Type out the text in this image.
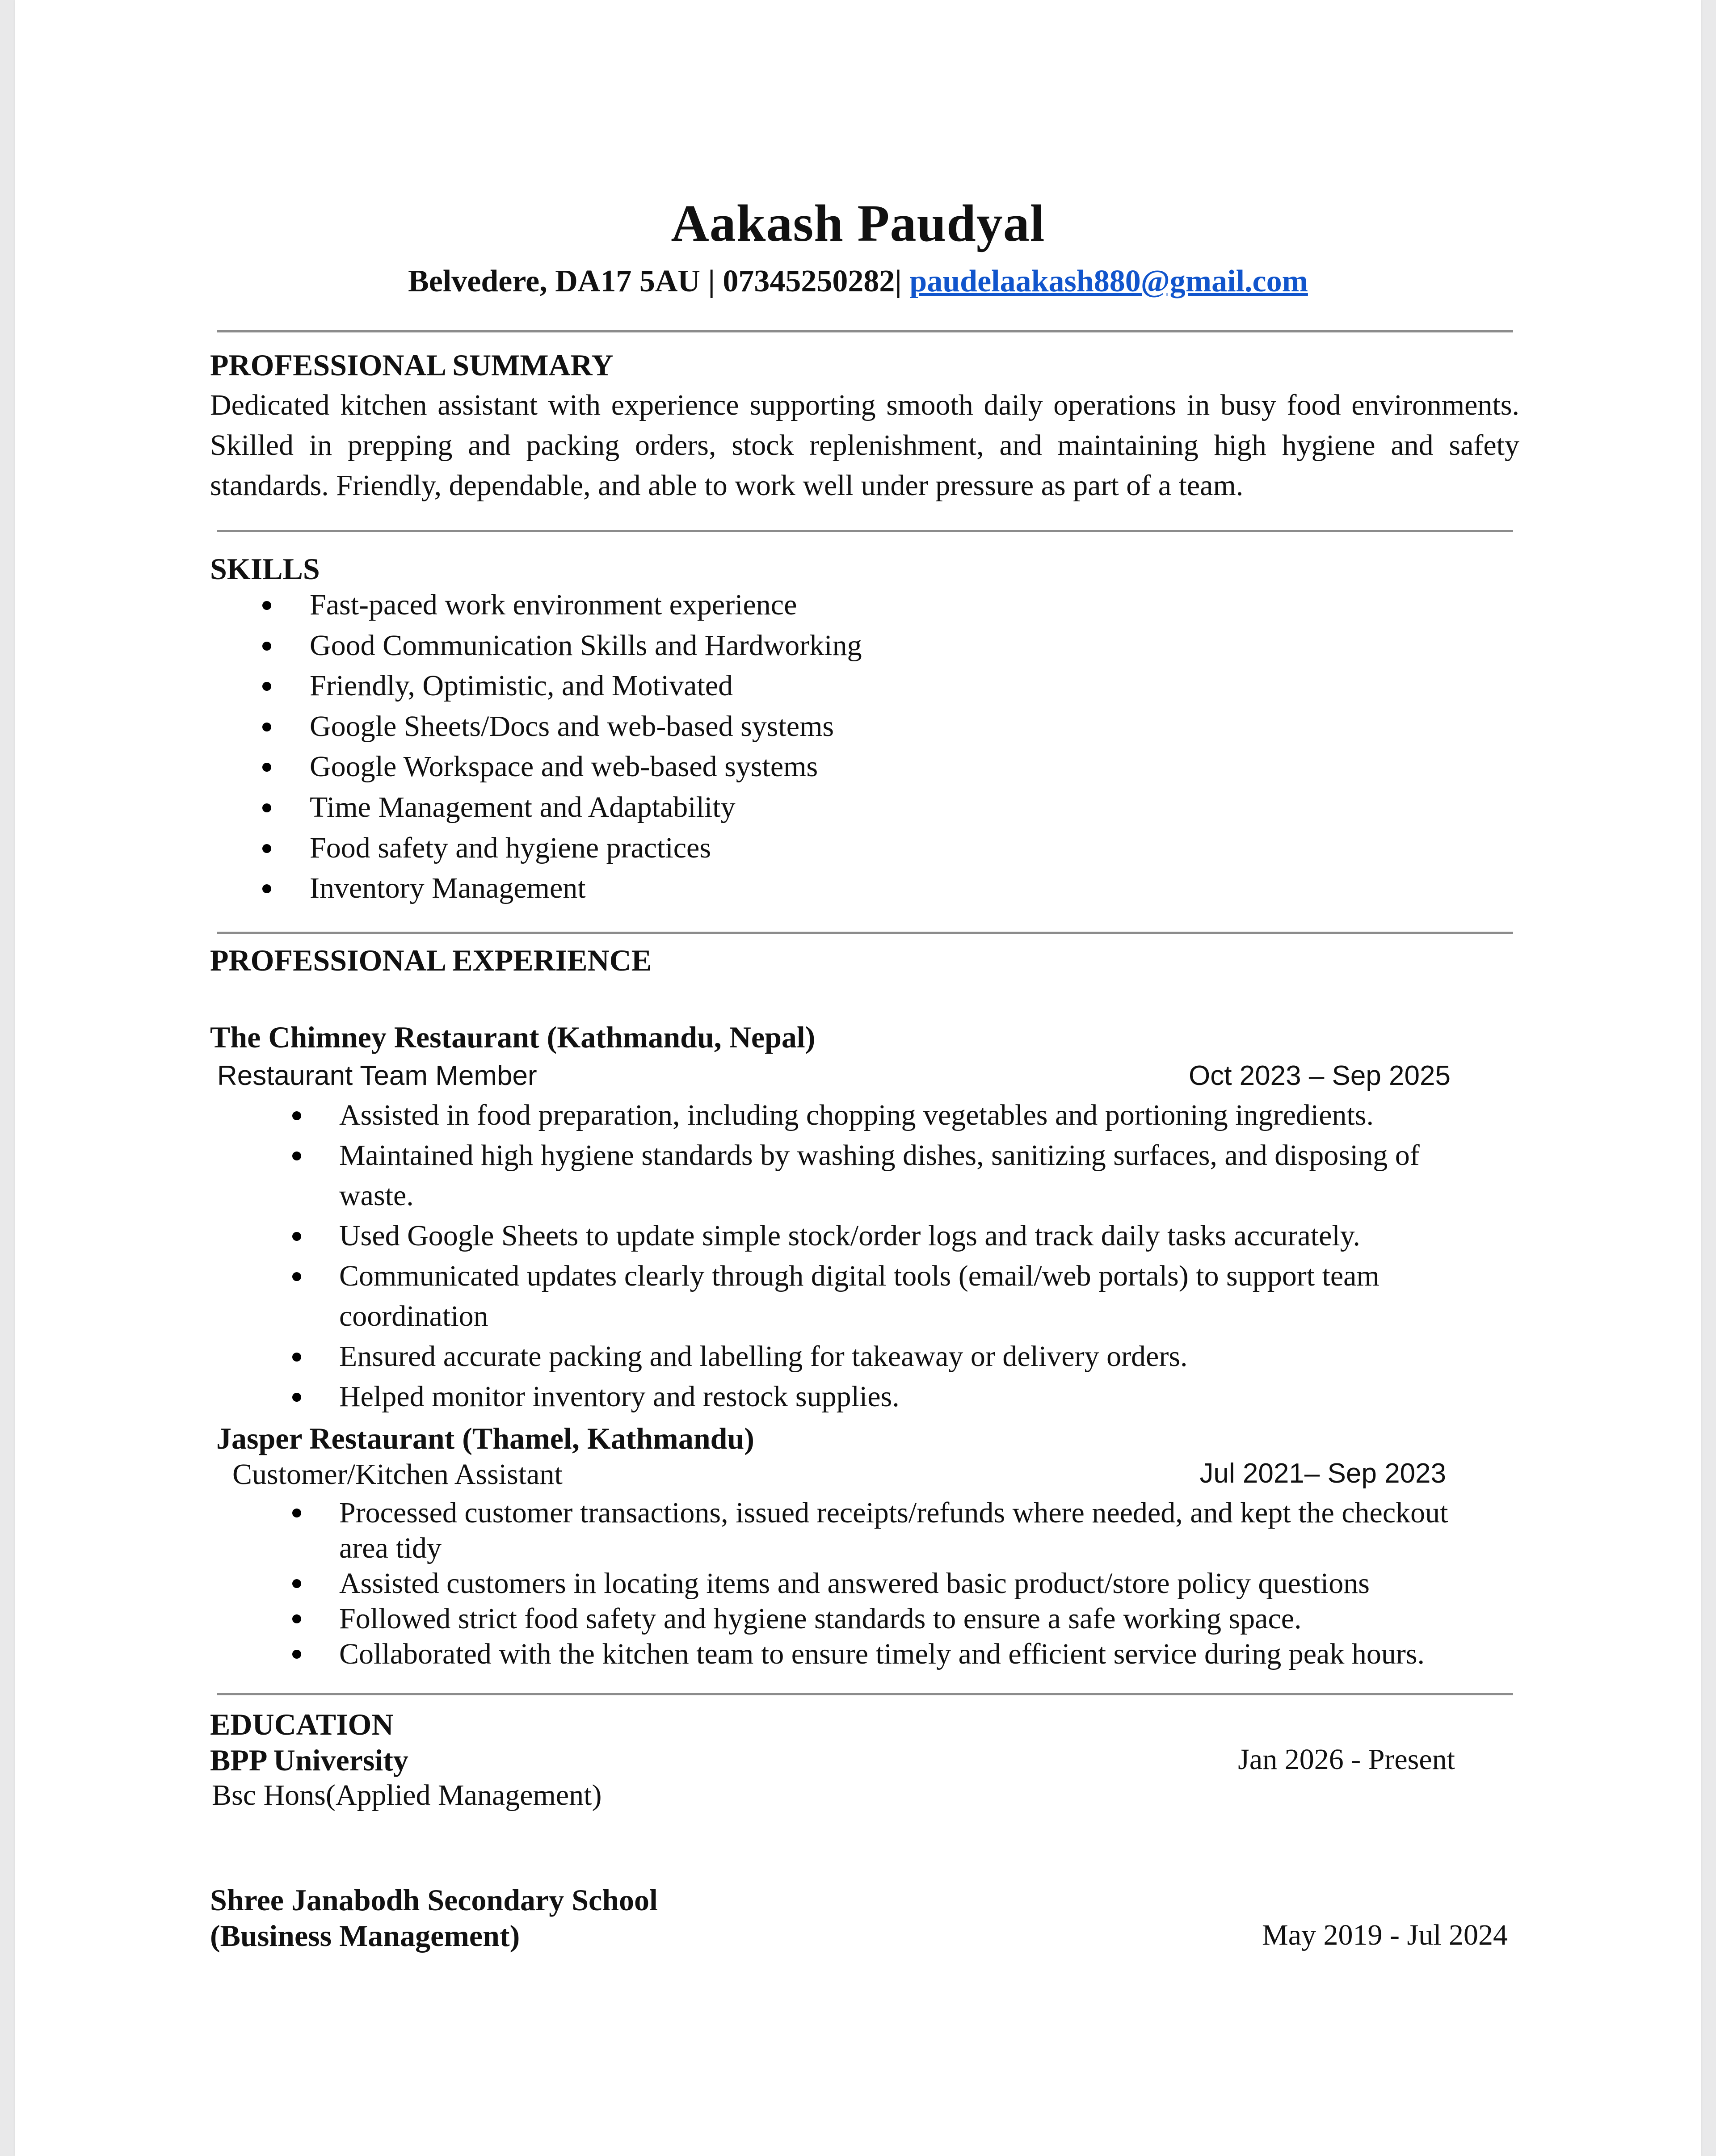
Aakash Paudyal
Belvedere, DA17 5AU | 07345250282| paudelaakash880@gmail.com
PROFESSIONAL SUMMARY
Dedicated kitchen assistant with experience supporting smooth daily operations in busy food environments. Skilled in prepping and packing orders, stock replenishment, and maintaining high hygiene and safety standards. Friendly, dependable, and able to work well under pressure as part of a team.
SKILLS
Fast-paced work environment experience
Good Communication Skills and Hardworking
Friendly, Optimistic, and Motivated
Google Sheets/Docs and web-based systems
Google Workspace and web-based systems
Time Management and Adaptability
Food safety and hygiene practices
Inventory Management
PROFESSIONAL EXPERIENCE
The Chimney Restaurant (Kathmandu, Nepal)
Restaurant Team Member	Oct 2023 – Sep 2025
Assisted in food preparation, including chopping vegetables and portioning ingredients.
Maintained high hygiene standards by washing dishes, sanitizing surfaces, and disposing of waste.
Used Google Sheets to update simple stock/order logs and track daily tasks accurately.
Communicated updates clearly through digital tools (email/web portals) to support team coordination
Ensured accurate packing and labelling for takeaway or delivery orders.
Helped monitor inventory and restock supplies.
Jasper Restaurant (Thamel, Kathmandu)
Customer/Kitchen Assistant	Jul 2021– Sep 2023
Processed customer transactions, issued receipts/refunds where needed, and kept the checkout area tidy
Assisted customers in locating items and answered basic product/store policy questions
Followed strict food safety and hygiene standards to ensure a safe working space.
Collaborated with the kitchen team to ensure timely and efficient service during peak hours.
EDUCATION
BPP University	Jan 2026 - Present
Bsc Hons(Applied Management)
Shree Janabodh Secondary School
(Business Management)	May 2019 - Jul 2024
